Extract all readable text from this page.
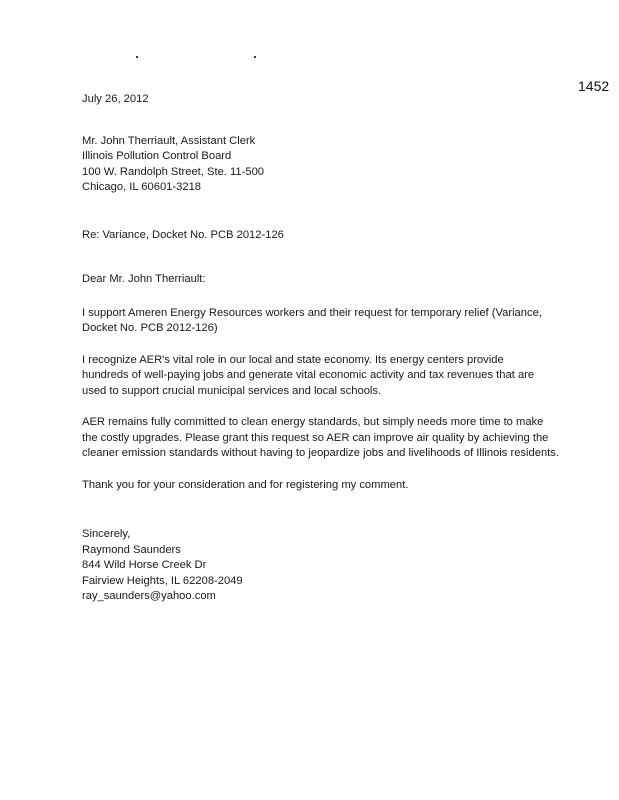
1452
July 26, 2012
Mr. John Therriault, Assistant Clerk
Illinois Pollution Control Board
100 W. Randolph Street, Ste. 11-500
Chicago, IL 60601-3218
Re: Variance, Docket No. PCB 2012-126
Dear Mr. John Therriault:
I support Ameren Energy Resources workers and their request for temporary relief (Variance,
Docket No. PCB 2012-126)
I recognize AER's vital role in our local and state economy. Its energy centers provide
hundreds of well-paying jobs and generate vital economic activity and tax revenues that are
used to support crucial municipal services and local schools.
AER remains fully committed to clean energy standards, but simply needs more time to make
the costly upgrades. Please grant this request so AER can improve air quality by achieving the
cleaner emission standards without having to jeopardize jobs and livelihoods of Illinois residents.
Thank you for your consideration and for registering my comment.
Sincerely,
Raymond Saunders
844 Wild Horse Creek Dr
Fairview Heights, IL 62208-2049
ray_saunders@yahoo.com
